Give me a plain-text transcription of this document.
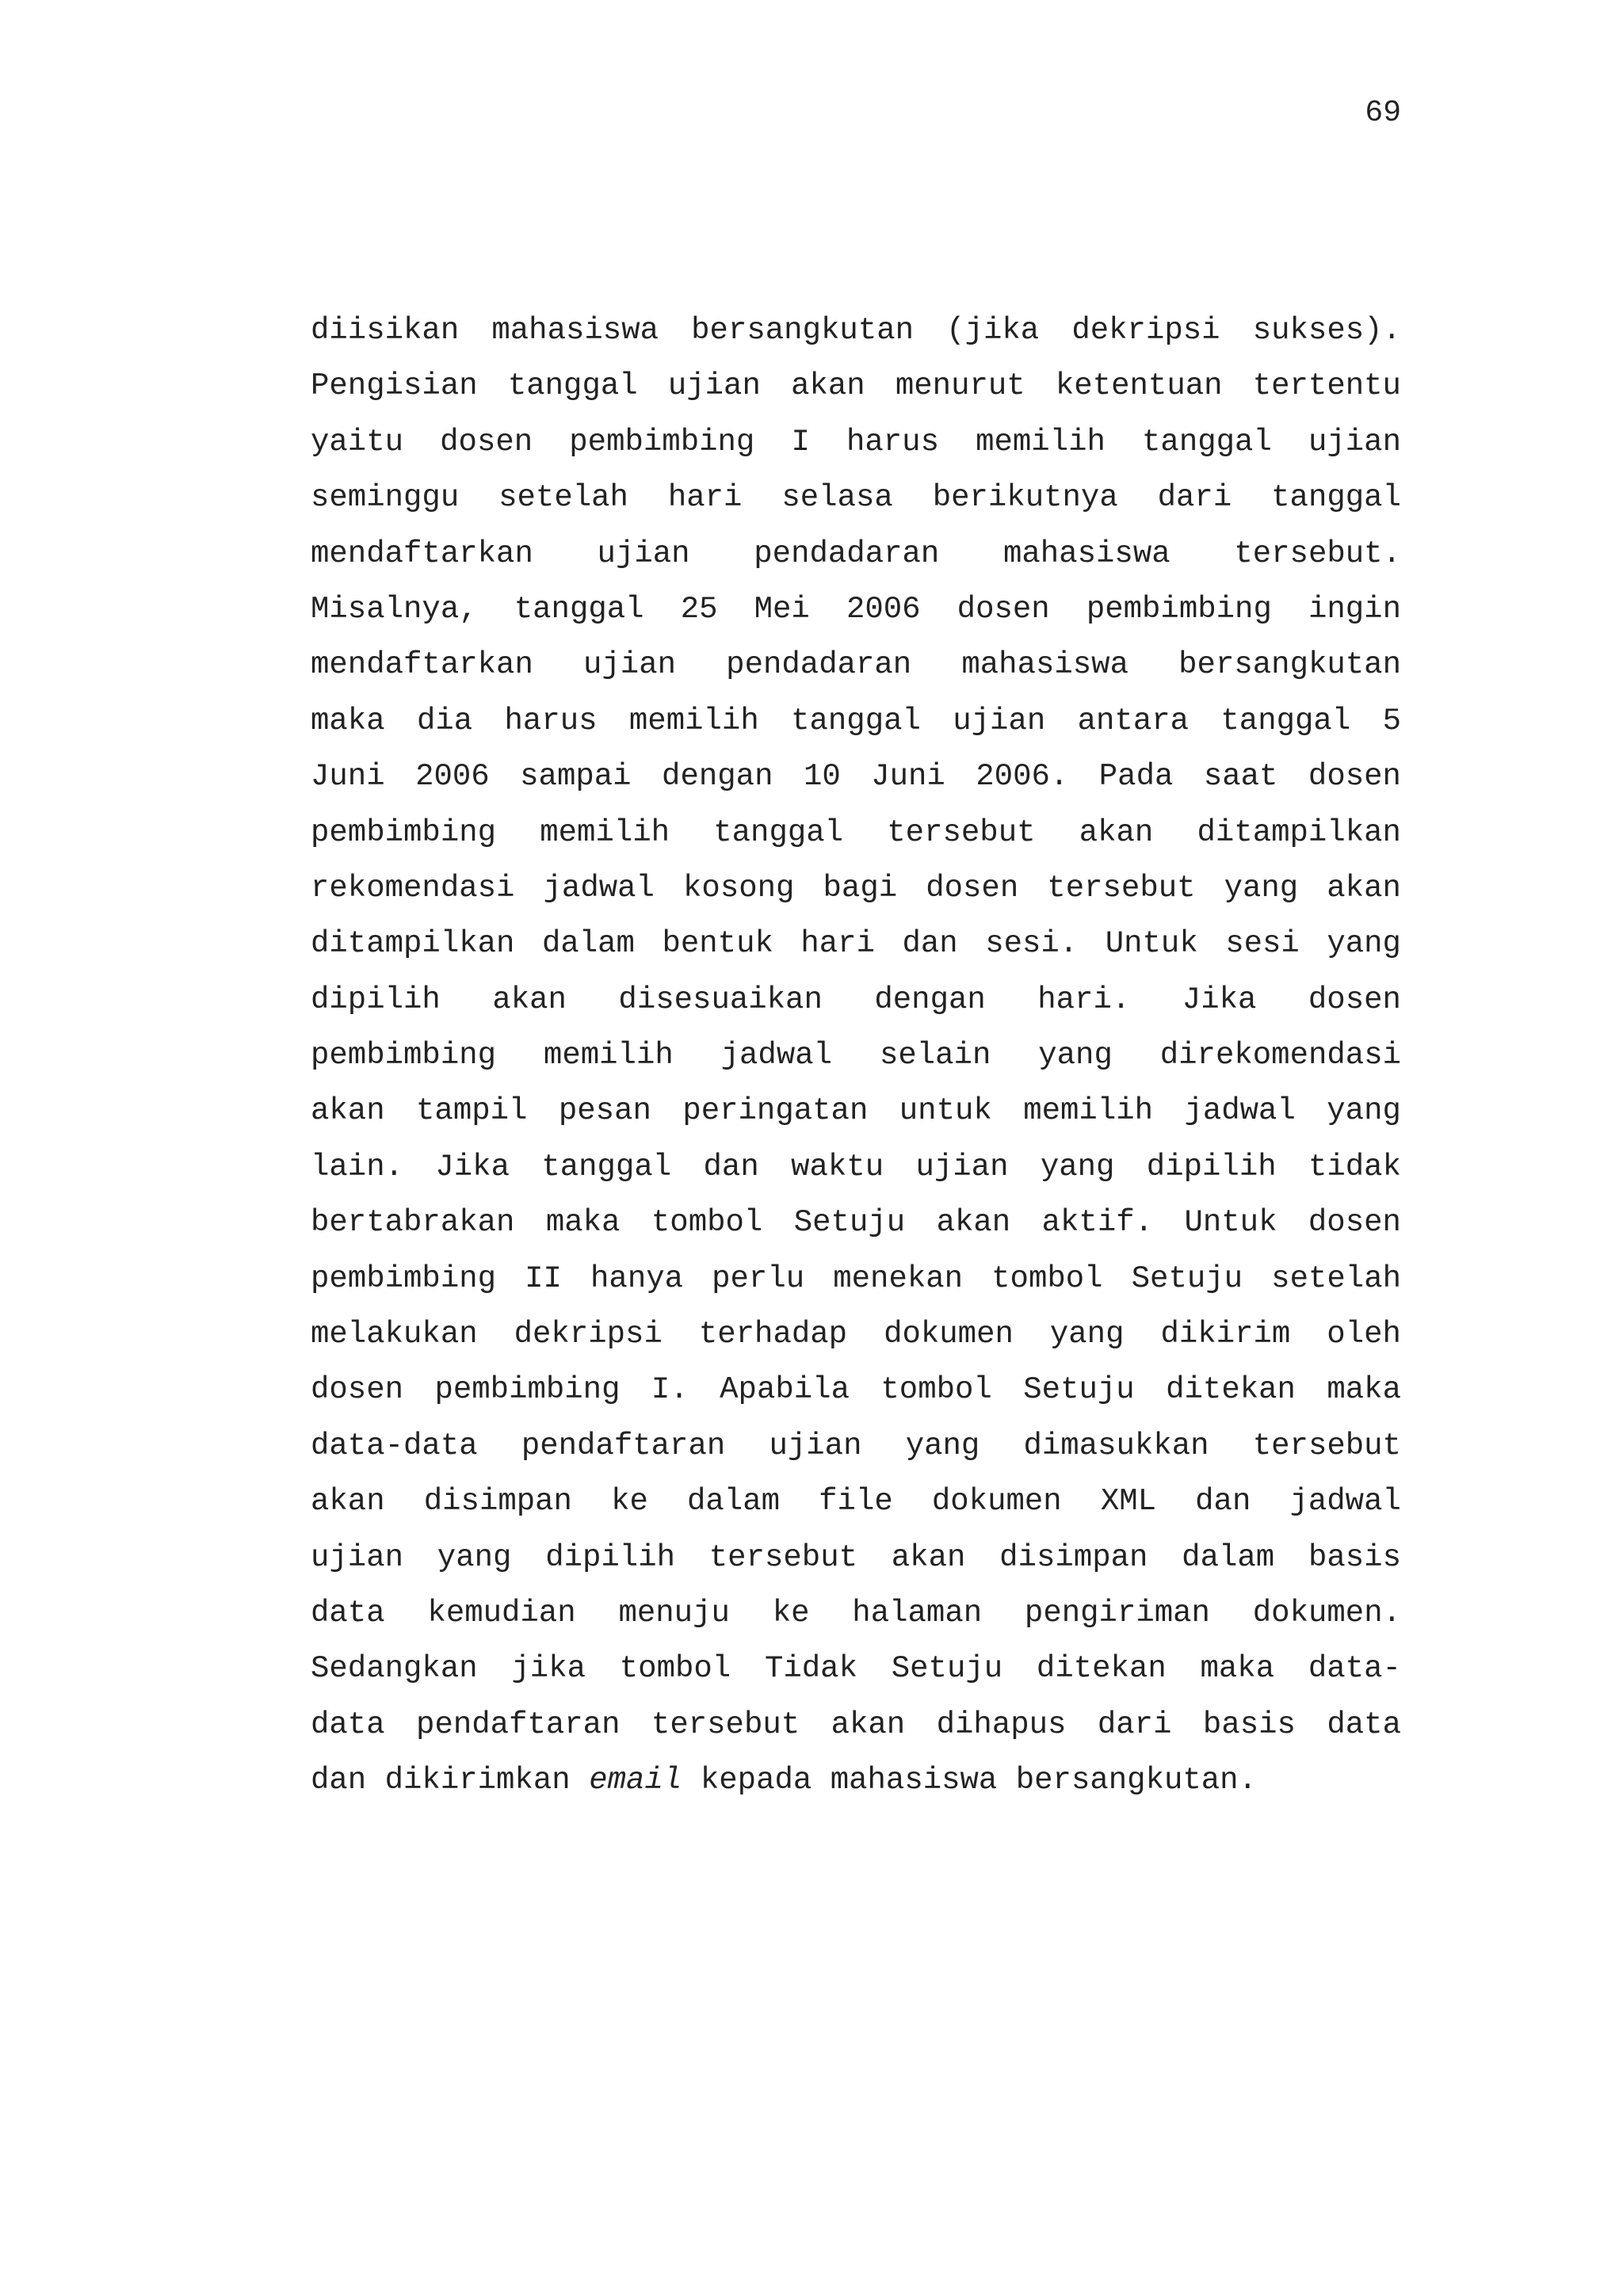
69
diisikan mahasiswa bersangkutan (jika dekripsi sukses).
Pengisian tanggal ujian akan menurut ketentuan tertentu
yaitu dosen pembimbing I harus memilih tanggal ujian
seminggu setelah hari selasa berikutnya dari tanggal
mendaftarkan ujian pendadaran mahasiswa tersebut.
Misalnya, tanggal 25 Mei 2006 dosen pembimbing ingin
mendaftarkan ujian pendadaran mahasiswa bersangkutan
maka dia harus memilih tanggal ujian antara tanggal 5
Juni 2006 sampai dengan 10 Juni 2006. Pada saat dosen
pembimbing memilih tanggal tersebut akan ditampilkan
rekomendasi jadwal kosong bagi dosen tersebut yang akan
ditampilkan dalam bentuk hari dan sesi. Untuk sesi yang
dipilih akan disesuaikan dengan hari. Jika dosen
pembimbing memilih jadwal selain yang direkomendasi
akan tampil pesan peringatan untuk memilih jadwal yang
lain. Jika tanggal dan waktu ujian yang dipilih tidak
bertabrakan maka tombol Setuju akan aktif. Untuk dosen
pembimbing II hanya perlu menekan tombol Setuju setelah
melakukan dekripsi terhadap dokumen yang dikirim oleh
dosen pembimbing I. Apabila tombol Setuju ditekan maka
data-data pendaftaran ujian yang dimasukkan tersebut
akan disimpan ke dalam file dokumen XML dan jadwal
ujian yang dipilih tersebut akan disimpan dalam basis
data kemudian menuju ke halaman pengiriman dokumen.
Sedangkan jika tombol Tidak Setuju ditekan maka data-
data pendaftaran tersebut akan dihapus dari basis data
dan dikirimkan email kepada mahasiswa bersangkutan.
